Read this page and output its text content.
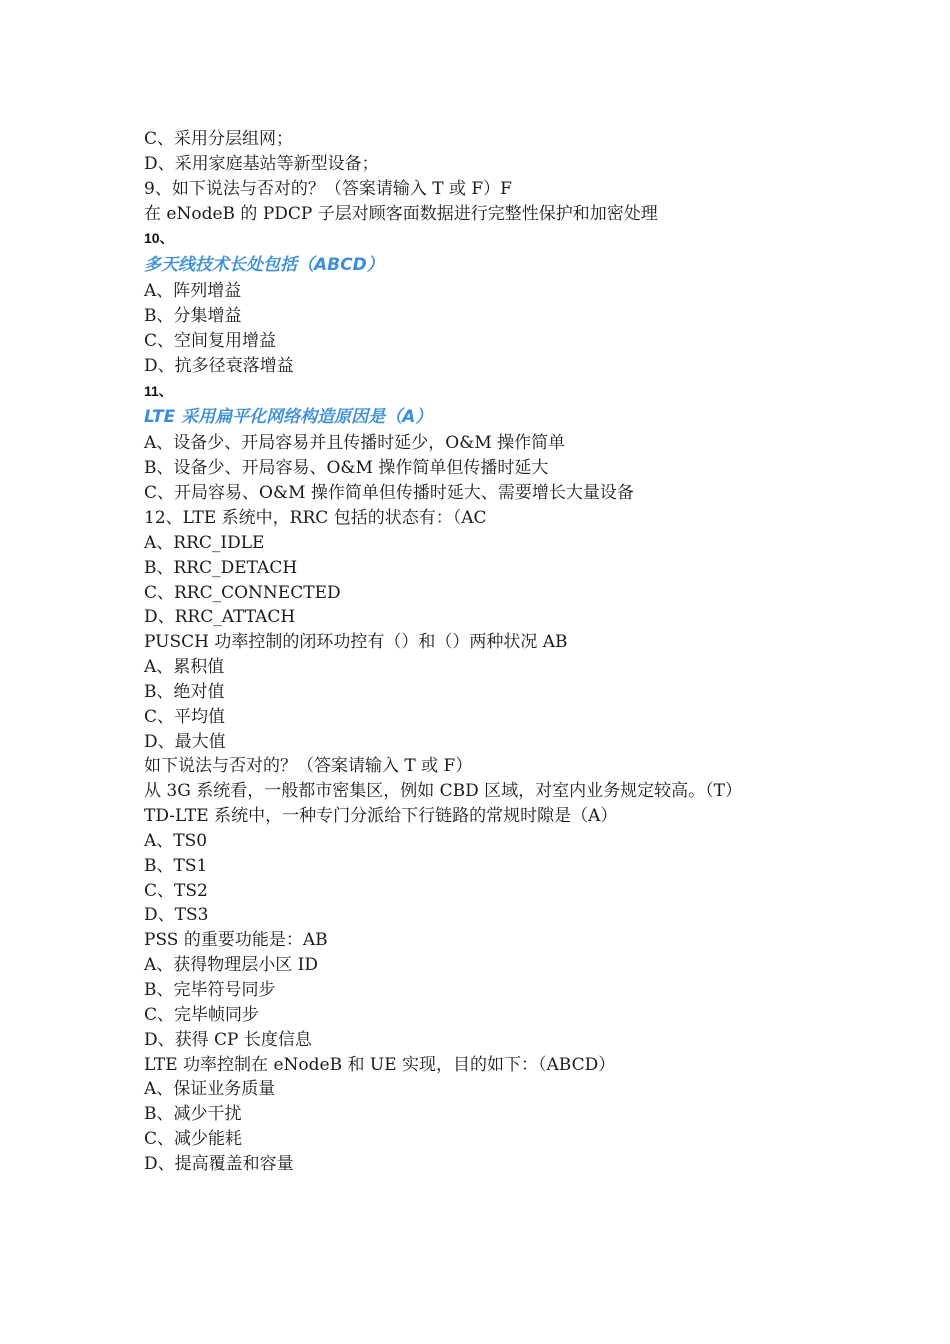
C、采用分层组网；
D、采用家庭基站等新型设备；
9、如下说法与否对的？（答案请输入 T 或 F）F
在 eNodeB 的 PDCP 子层对顾客面数据进行完整性保护和加密处理
10、
多天线技术长处包括（ABCD）
A、阵列增益
B、分集增益
C、空间复用增益
D、抗多径衰落增益
11、
LTE 采用扁平化网络构造原因是（A）
A、设备少、开局容易并且传播时延少，O&M 操作简单
B、设备少、开局容易、O&M 操作简单但传播时延大
C、开局容易、O&M 操作简单但传播时延大、需要增长大量设备
12、LTE 系统中，RRC 包括的状态有：（AC
A、RRC_IDLE
B、RRC_DETACH
C、RRC_CONNECTED
D、RRC_ATTACH
PUSCH 功率控制的闭环功控有（）和（）两种状况 AB
A、累积值
B、绝对值
C、平均值
D、最大值
如下说法与否对的？（答案请输入 T 或 F）
从 3G 系统看，一般都市密集区，例如 CBD 区域，对室内业务规定较高。（T）
TD-LTE 系统中，一种专门分派给下行链路的常规时隙是（A）
A、TS0
B、TS1
C、TS2
D、TS3
PSS 的重要功能是：AB
A、获得物理层小区 ID
B、完毕符号同步
C、完毕帧同步
D、获得 CP 长度信息
LTE 功率控制在 eNodeB 和 UE 实现，目的如下：（ABCD）
A、保证业务质量
B、减少干扰
C、减少能耗
D、提高覆盖和容量
